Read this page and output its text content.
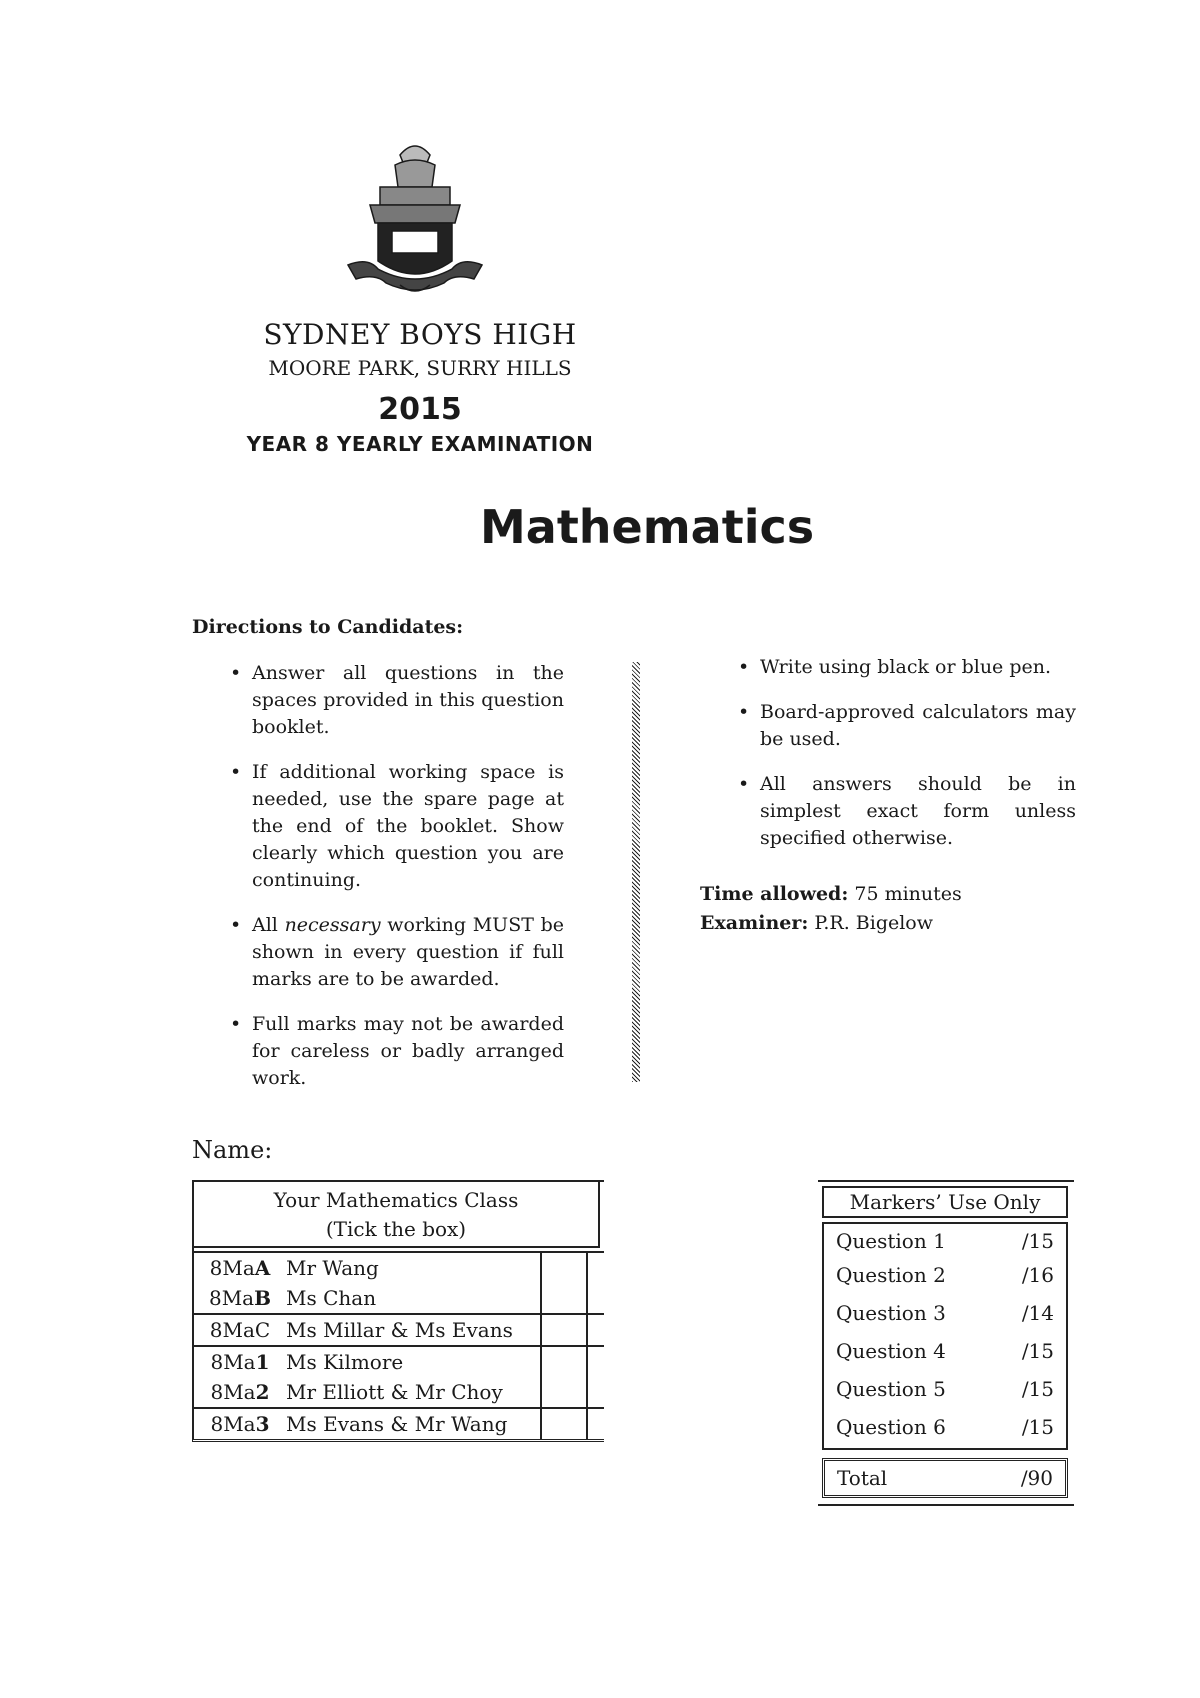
SYDNEY BOYS HIGH
MOORE PARK, SURRY HILLS
2015
YEAR 8 YEARLY EXAMINATION
Mathematics
Directions to Candidates:
• Answer all questions in the spaces provided in this question booklet.
• If additional working space is needed, use the spare page at the end of the booklet. Show clearly which question you are continuing.
• All necessary working MUST be shown in every question if full marks are to be awarded.
• Full marks may not be awarded for careless or badly arranged work.
• Write using black or blue pen.
• Board-approved calculators may be used.
• All answers should be in simplest exact form unless specified otherwise.
Time allowed: 75 minutes
Examiner: P.R. Bigelow
Name:
Your Mathematics Class
(Tick the box)
8MaA Mr Wang
8MaB Ms Chan
8MaC Ms Millar & Ms Evans
8Ma1 Ms Kilmore
8Ma2 Mr Elliott & Mr Choy
8Ma3 Ms Evans & Mr Wang
Markers’ Use Only
Question 1	/15
Question 2	/16
Question 3	/14
Question 4	/15
Question 5	/15
Question 6	/15
Total	/90
